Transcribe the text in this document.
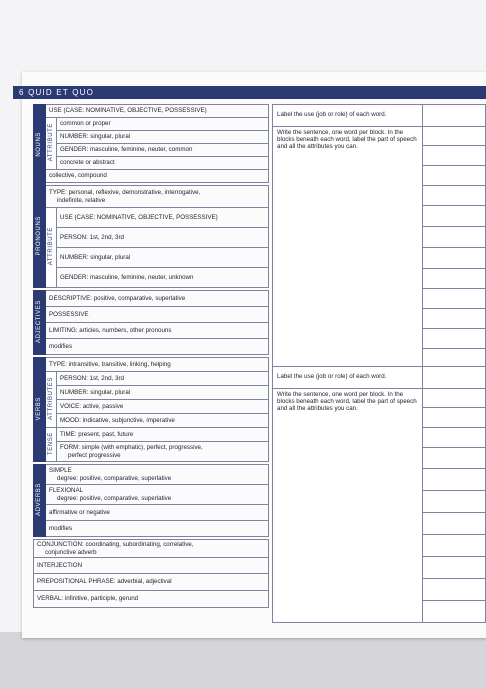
6 QUID ET QUO
NOUNS	USE (CASE: NOMINATIVE, OBJECTIVE, POSSESSIVE)	
	ATTRIBUTE	common or proper
		NUMBER: singular, plural
		GENDER: masculine, feminine, neuter, common
		concrete or abstract
	collective, compound	

PRONOUNS	TYPE: personal, reflexive, demonstrative, interrogative,
indefinite, relative	

	ATTRIBUTE	USE (CASE: NOMINATIVE, OBJECTIVE, POSSESSIVE)
		PERSON: 1st, 2nd, 3rd
		NUMBER: singular, plural
		GENDER: masculine, feminine, neuter, unknown

ADJECTIVES	DESCRIPTIVE: positive, comparative, superlative	
	POSSESSIVE	
	LIMITING: articles, numbers, other pronouns	
	modifies	

VERBS	TYPE: intransitive, transitive, linking, helping	
	ATTRIBUTES	PERSON: 1st, 2nd, 3rd
		NUMBER: singular, plural
		VOICE: active, passive
		MOOD: indicative, subjunctive, imperative
	TENSE	TIME: present, past, future
		FORM: simple (with emphatic), perfect, progressive,
perfect progressive

ADVERBS	SIMPLE
degree: positive, comparative, superlative	

	FLEXIONAL
degree: positive, comparative, superlative	

	affirmative or negative	
	modifies	

CONJUNCTION: coordinating, subordinating, correlative,
conjunctive adverb		

INTERJECTION		
PREPOSITIONAL PHRASE: adverbial, adjectival		
VERBAL: infinitive, participle, gerund		
Label the use (job or role) of each word.	
Write the sentence, one word per block. In the blocks beneath each word, label the part of speech and all the attributes you can.	

Label the use (job or role) of each word.	
Write the sentence, one word per block. In the blocks beneath each word, label the part of speech and all the attributes you can.	
